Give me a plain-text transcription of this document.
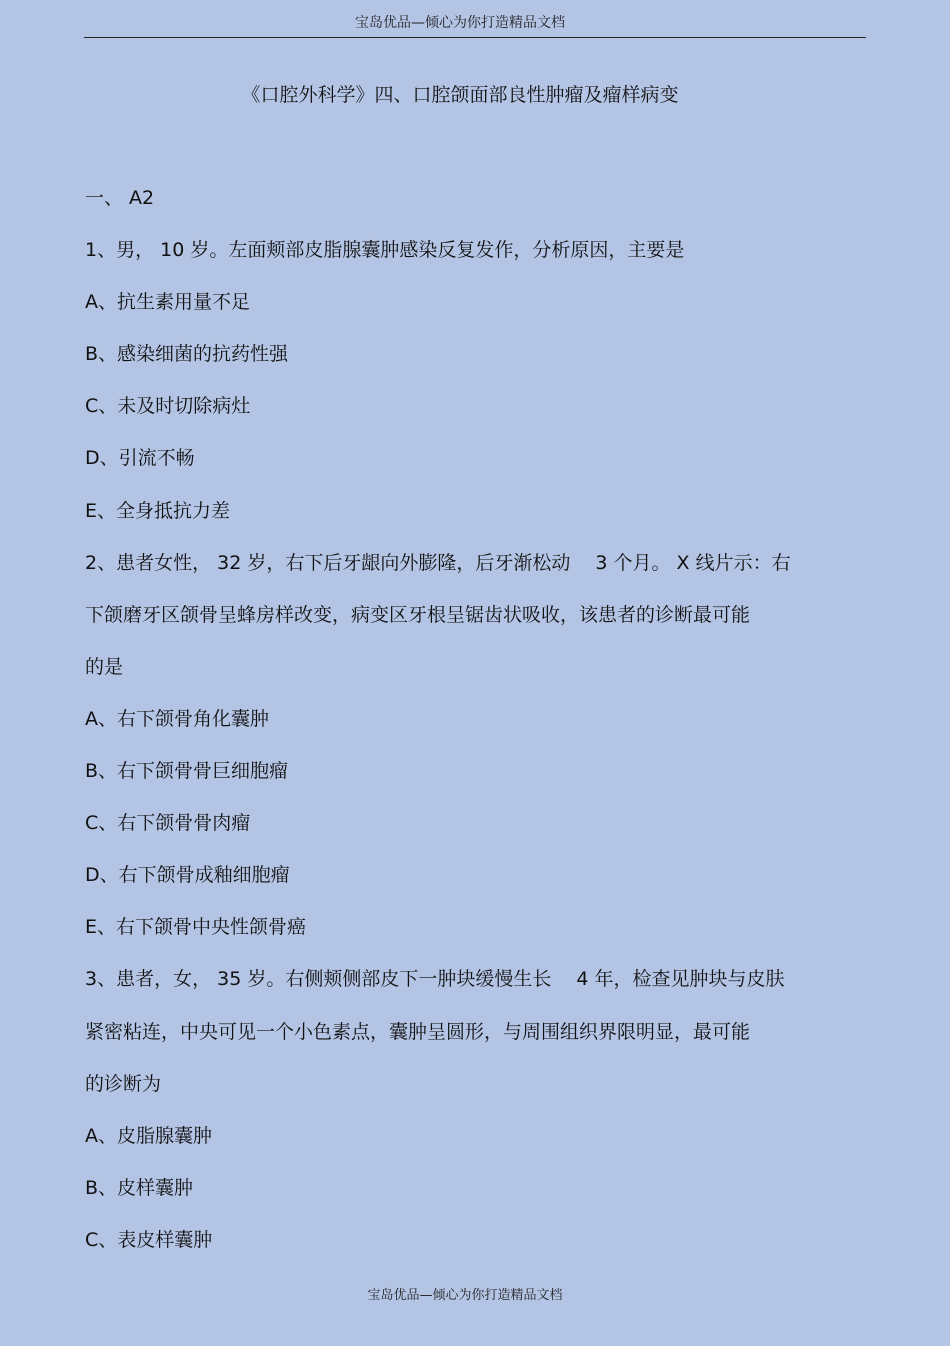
宝岛优品—倾心为你打造精品文档
《口腔外科学》四、口腔颌面部良性肿瘤及瘤样病变
一、 A2
1、男， 10 岁。左面颊部皮脂腺囊肿感染反复发作，分析原因，主要是
A、抗生素用量不足
B、感染细菌的抗药性强
C、未及时切除病灶
D、引流不畅
E、全身抵抗力差
2、患者女性， 32 岁，右下后牙龈向外膨隆，后牙渐松动　 3 个月。 X 线片示：右
下颌磨牙区颌骨呈蜂房样改变，病变区牙根呈锯齿状吸收，该患者的诊断最可能
的是
A、右下颌骨角化囊肿
B、右下颌骨骨巨细胞瘤
C、右下颌骨骨肉瘤
D、右下颌骨成釉细胞瘤
E、右下颌骨中央性颌骨癌
3、患者，女， 35 岁。右侧颊侧部皮下一肿块缓慢生长　 4 年，检查见肿块与皮肤
紧密粘连，中央可见一个小色素点，囊肿呈圆形，与周围组织界限明显，最可能
的诊断为
A、皮脂腺囊肿
B、皮样囊肿
C、表皮样囊肿
宝岛优品—倾心为你打造精品文档
